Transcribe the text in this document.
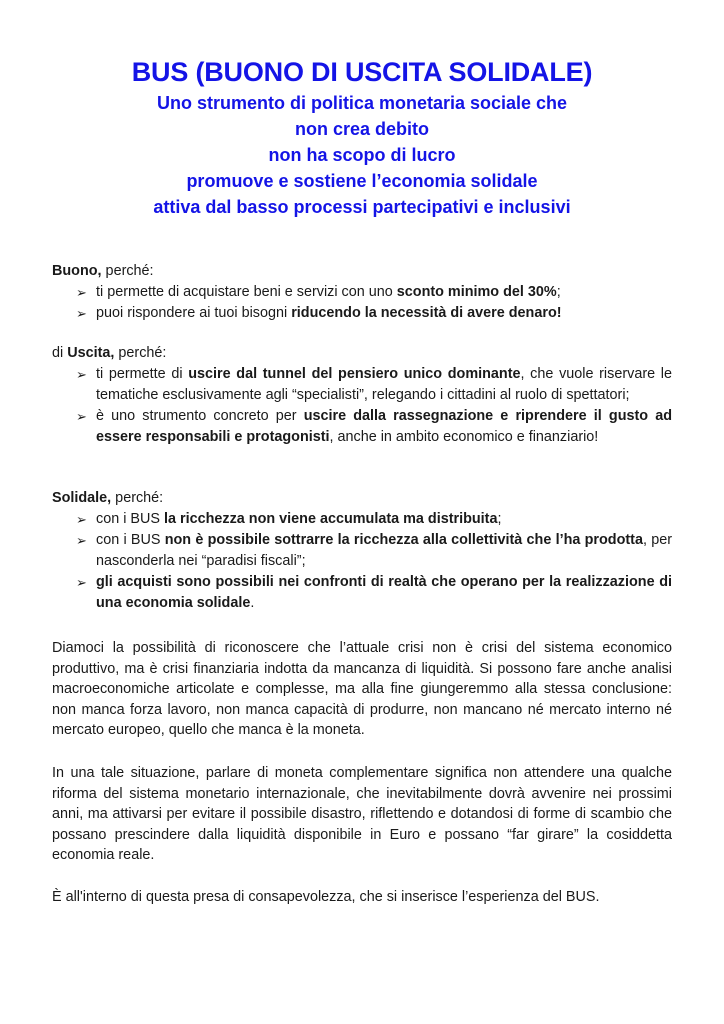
BUS (BUONO DI USCITA SOLIDALE)
Uno strumento di politica monetaria sociale che
non crea debito
non ha scopo di lucro
promuove e sostiene l’economia solidale
attiva dal basso processi partecipativi e inclusivi
Buono, perché:
➢ ti permette di acquistare beni e servizi con uno sconto minimo del 30%;
➢ puoi rispondere ai tuoi bisogni riducendo la necessità di avere denaro!
di Uscita, perché:
➢ ti permette di uscire dal tunnel del pensiero unico dominante, che vuole riservare le tematiche esclusivamente agli “specialisti”, relegando i cittadini al ruolo di spettatori;
➢ è uno strumento concreto per uscire dalla rassegnazione e riprendere il gusto ad essere responsabili e protagonisti, anche in ambito economico e finanziario!
Solidale, perché:
➢ con i BUS la ricchezza non viene accumulata ma distribuita;
➢ con i BUS non è possibile sottrarre la ricchezza alla collettività che l’ha prodotta, per nasconderla nei “paradisi fiscali”;
➢ gli acquisti sono possibili nei confronti di realtà che operano per la realizzazione di una economia solidale.
Diamoci la possibilità di riconoscere che l’attuale crisi non è crisi del sistema economico produttivo, ma è crisi finanziaria indotta da mancanza di liquidità. Si possono fare anche analisi macroeconomiche articolate e complesse, ma alla fine giungeremmo alla stessa conclusione: non manca forza lavoro, non manca capacità di produrre, non mancano né mercato interno né mercato europeo, quello che manca è la moneta.
In una tale situazione, parlare di moneta complementare significa non attendere una qualche riforma del sistema monetario internazionale, che inevitabilmente dovrà avvenire nei prossimi anni, ma attivarsi per evitare il possibile disastro, riflettendo e dotandosi di forme di scambio che possano prescindere dalla liquidità disponibile in Euro e possano “far girare” la cosiddetta economia reale.
È all'interno di questa presa di consapevolezza, che si inserisce l’esperienza del BUS.
